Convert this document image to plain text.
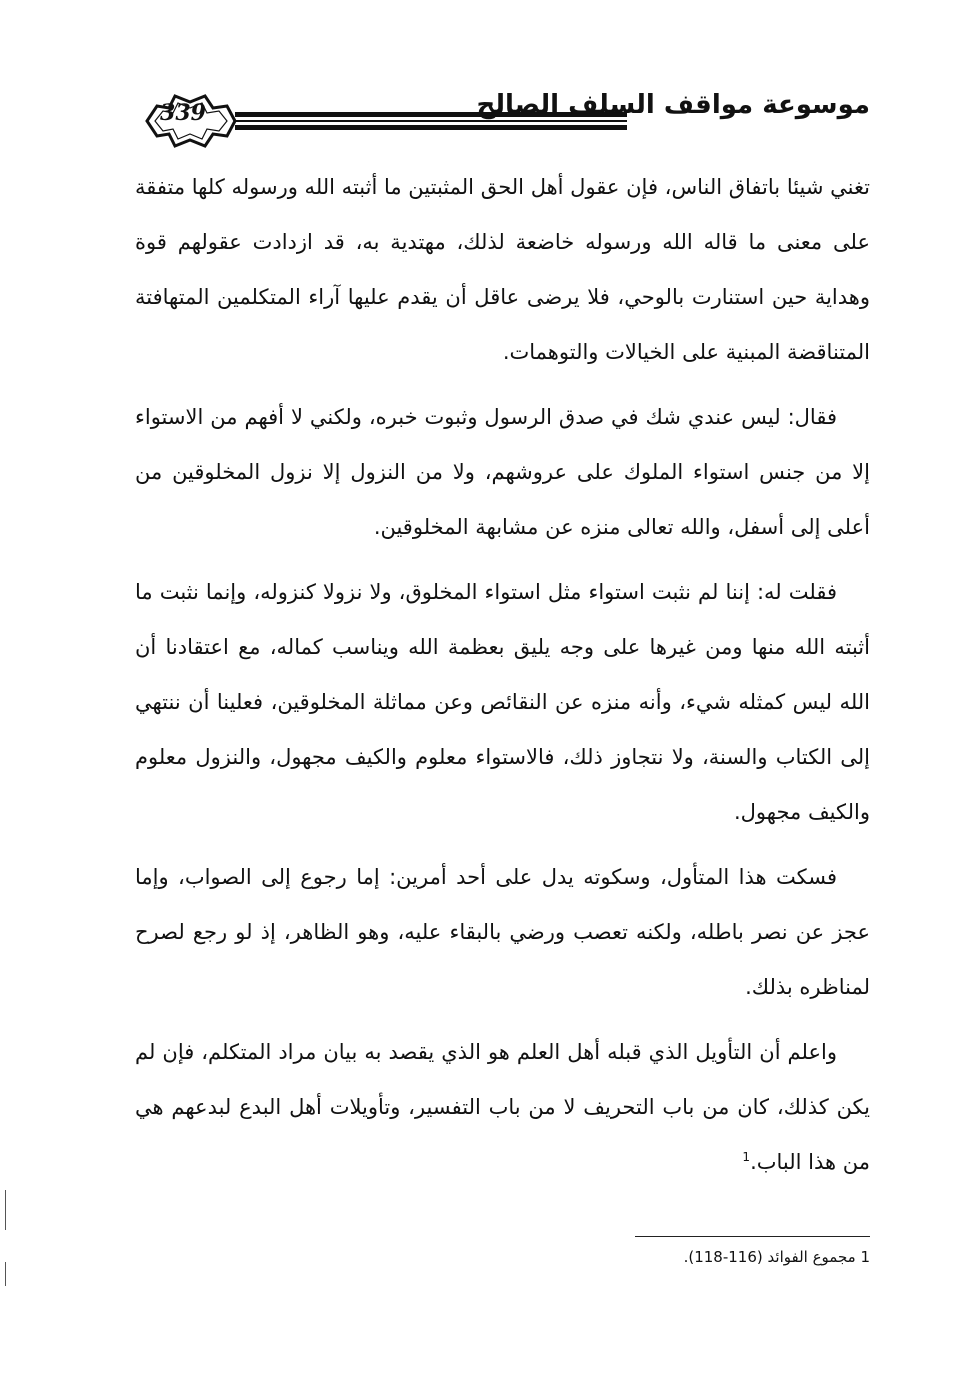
339	موسوعة مواقف السلف الصالح

تغني شيئا باتفاق الناس، فإن عقول أهل الحق المثبتين ما أثبته الله ورسوله كلها متفقة على معنى ما قاله الله ورسوله خاضعة لذلك، مهتدية به، قد ازدادت عقولهم قوة وهداية حين استنارت بالوحي، فلا يرضى عاقل أن يقدم عليها آراء المتكلمين المتهافتة المتناقضة المبنية على الخيالات والتوهمات.

فقال: ليس عندي شك في صدق الرسول وثبوت خبره، ولكني لا أفهم من الاستواء إلا من جنس استواء الملوك على عروشهم، ولا من النزول إلا نزول المخلوقين من أعلى إلى أسفل، والله تعالى منزه عن مشابهة المخلوقين.

فقلت له: إننا لم نثبت استواء مثل استواء المخلوق، ولا نزولا كنزوله، وإنما نثبت ما أثبته الله منها ومن غيرها على وجه يليق بعظمة الله ويناسب كماله، مع اعتقادنا أن الله ليس كمثله شيء، وأنه منزه عن النقائص وعن مماثلة المخلوقين، فعلينا أن ننتهي إلى الكتاب والسنة، ولا نتجاوز ذلك، فالاستواء معلوم والكيف مجهول، والنزول معلوم والكيف مجهول.

فسكت هذا المتأول، وسكوته يدل على أحد أمرين: إما رجوع إلى الصواب، وإما عجز عن نصر باطله، ولكنه تعصب ورضي بالبقاء عليه، وهو الظاهر، إذ لو رجع لصرح لمناظره بذلك.

واعلم أن التأويل الذي قبله أهل العلم هو الذي يقصد به بيان مراد المتكلم، فإن لم يكن كذلك، كان من باب التحريف لا من باب التفسير، وتأويلات أهل البدع لبدعهم هي من هذا الباب.$^1$

1 مجموع الفوائد (116-118).
